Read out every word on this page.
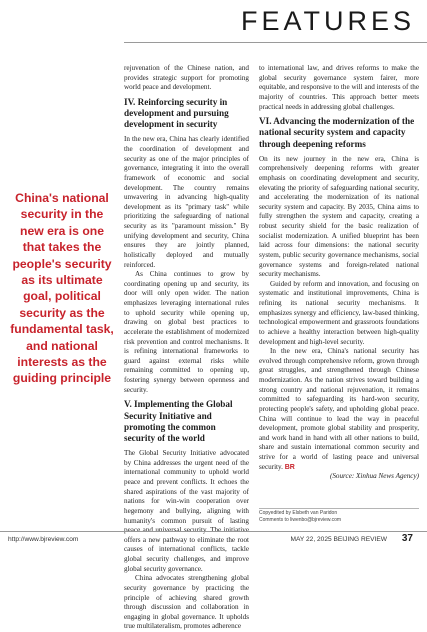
FEATURES
China's national security in the new era is one that takes the people's security as its ultimate goal, political security as the fundamental task, and national interests as the guiding principle

rejuvenation of the Chinese nation, and provides strategic support for promoting world peace and development.

IV. Reinforcing security in development and pursuing development in security

In the new era, China has clearly identified the coordination of development and security as one of the major principles of governance, integrating it into the overall framework of economic and social development. The country remains unwavering in advancing high-quality development as its "primary task" while prioritizing the safeguarding of national security as its "paramount mission." By unifying development and security, China ensures they are jointly planned, holistically deployed and mutually reinforced.

As China continues to grow by coordinating opening up and security, its door will only open wider. The nation emphasizes leveraging international rules to uphold security while opening up, drawing on global best practices to accelerate the establishment of modernized risk prevention and control mechanisms. It is refining international frameworks to guard against external risks while remaining committed to opening up, fostering synergy between openness and security.

V. Implementing the Global Security Initiative and promoting the common security of the world

The Global Security Initiative advocated by China addresses the urgent need of the international community to uphold world peace and prevent conflicts. It echoes the shared aspirations of the vast majority of nations for win-win cooperation over hegemony and bullying, aligning with humanity's common pursuit of lasting offers a new pathway to eliminate the root causes of international conflicts, tackle global security challenges, and improve global security governance.

China advocates strengthening global security governance by practicing the principle of achieving shared growth through discussion and collaboration in engaging in global governance. It upholds true multilateralism, promotes adherence

to international law, and drives reforms to make the global security governance system fairer, more equitable, and responsive to the will and interests of the majority of countries. This approach better meets practical needs in addressing global challenges.

VI. Advancing the modernization of the national security system and capacity through deepening reforms

On its new journey in the new era, China is comprehensively deepening reforms with greater emphasis on coordinating development and security, elevating the priority of safeguarding national security, and accelerating the modernization of its national security system and capacity. By 2035, China aims to fully strengthen the system and capacity, creating a robust security shield for the basic realization of socialist modernization. A unified blueprint has been laid across four dimensions: the national security system, public security governance mechanisms, social governance systems and foreign-related national security mechanisms.

Guided by reform and innovation, and focusing on systematic and institutional improvements, China is refining its national security mechanisms. It emphasizes synergy and efficiency, law-based thinking, technological empowerment and grassroots foundations to achieve a healthy interaction between high-quality development and high-level security.

In the new era, China's national security has evolved through comprehensive reform, grown through great struggles, and strengthened through Chinese modernization. As the nation strives toward building a strong country and national rejuvenation, it remains committed to safeguarding its hard-won security, protecting people's safety, and upholding global peace. China will continue to lead the way in peaceful development, promote global stability and prosperity, and work hand in hand with all other nations to build, share and sustain international common security and strive for a world of lasting peace and universal security. BR

(Source: Xinhua News Agency)

Copyedited by Elsbeth van Paridon
Comments to liwenbo@bjreview.com
http://www.bjreview.com	MAY 22, 2025 BEIJING REVIEW 37
